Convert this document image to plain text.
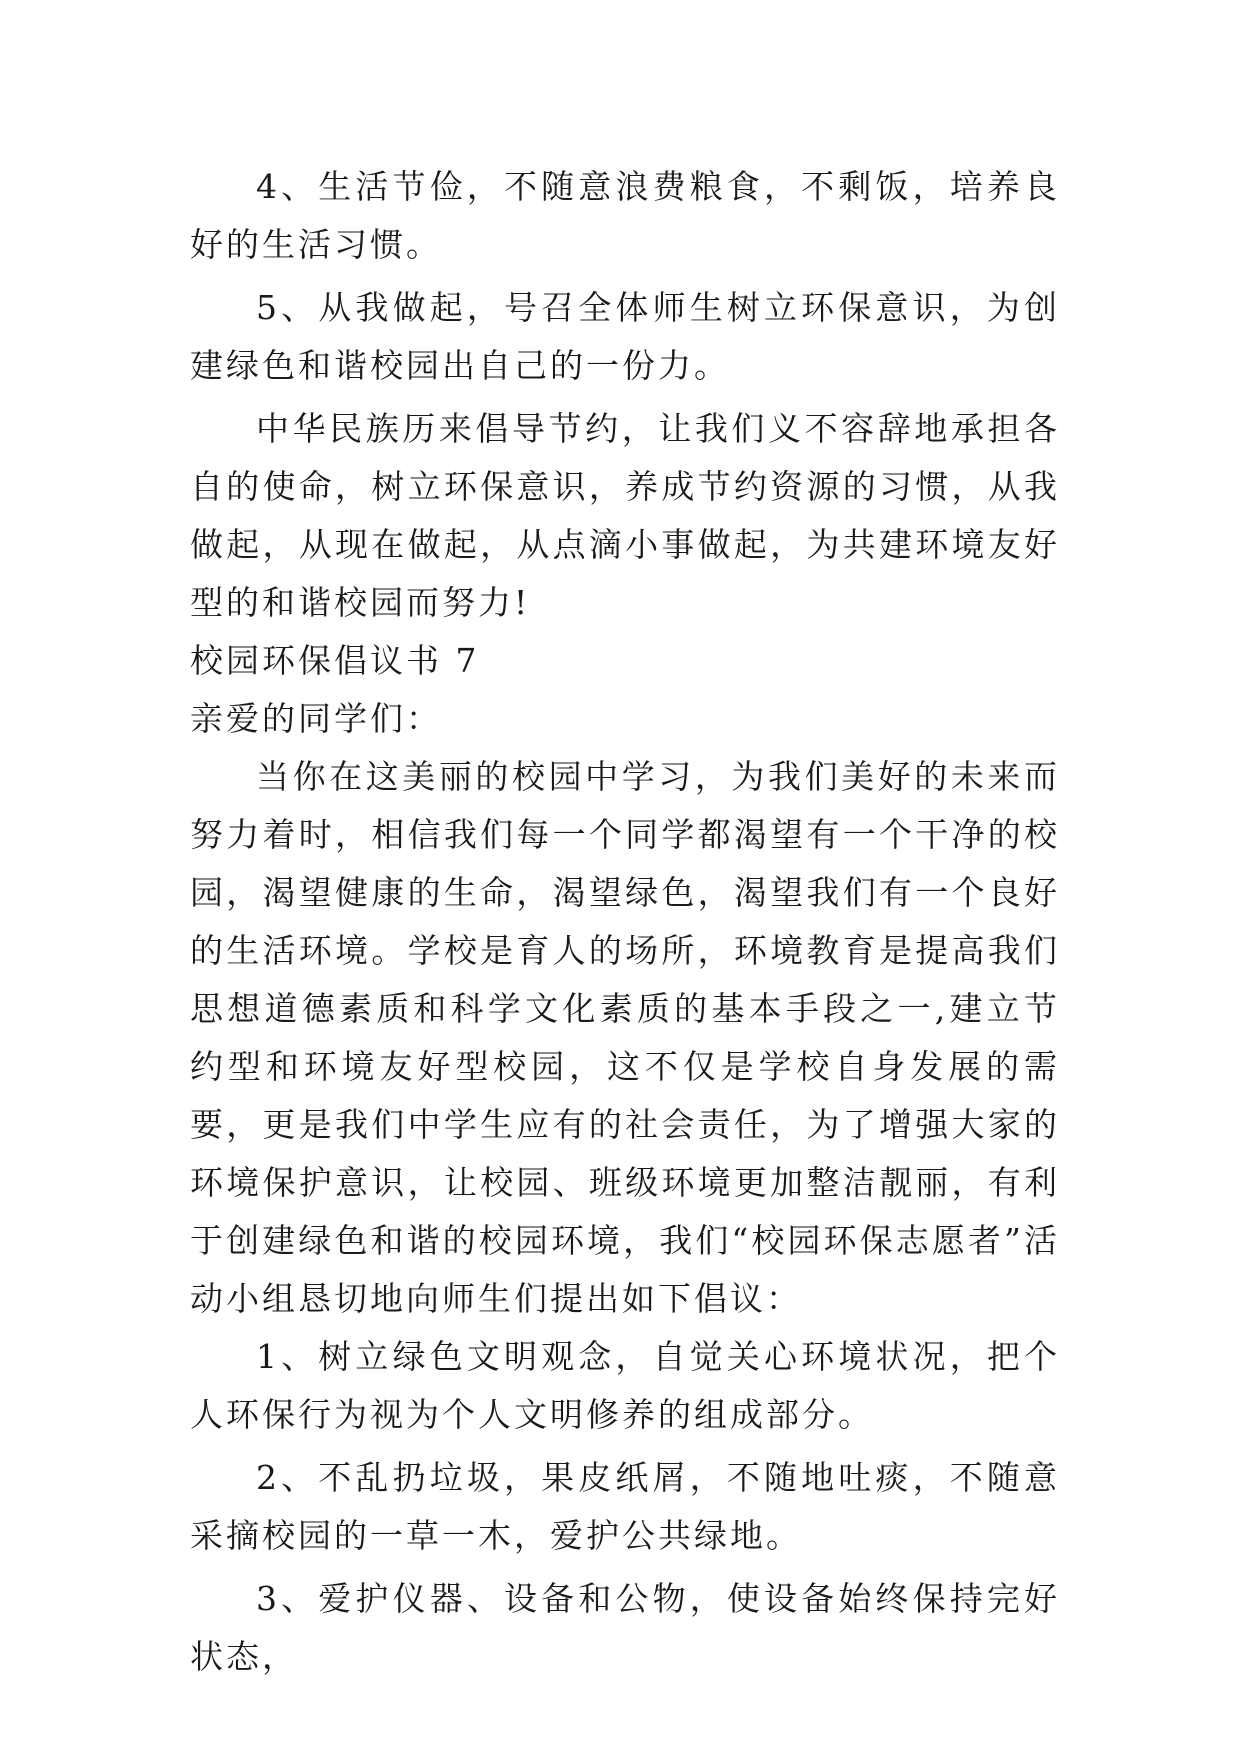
4、生活节俭，不随意浪费粮食，不剩饭，培养良好的生活习惯。

5、从我做起，号召全体师生树立环保意识，为创建绿色和谐校园出自己的一份力。

中华民族历来倡导节约，让我们义不容辞地承担各自的使命，树立环保意识，养成节约资源的习惯，从我做起，从现在做起，从点滴小事做起，为共建环境友好型的和谐校园而努力!

校园环保倡议书 7

亲爱的同学们：

当你在这美丽的校园中学习，为我们美好的未来而努力着时，相信我们每一个同学都渴望有一个干净的校园，渴望健康的生命，渴望绿色，渴望我们有一个良好的生活环境。学校是育人的场所，环境教育是提高我们思想道德素质和科学文化素质的基本手段之一,建立节约型和环境友好型校园，这不仅是学校自身发展的需要，更是我们中学生应有的社会责任，为了增强大家的环境保护意识，让校园、班级环境更加整洁靓丽，有利于创建绿色和谐的校园环境，我们“校园环保志愿者”活动小组恳切地向师生们提出如下倡议：

1、树立绿色文明观念，自觉关心环境状况，把个人环保行为视为个人文明修养的组成部分。

2、不乱扔垃圾，果皮纸屑，不随地吐痰，不随意采摘校园的一草一木，爱护公共绿地。

3、爱护仪器、设备和公物，使设备始终保持完好状态，
